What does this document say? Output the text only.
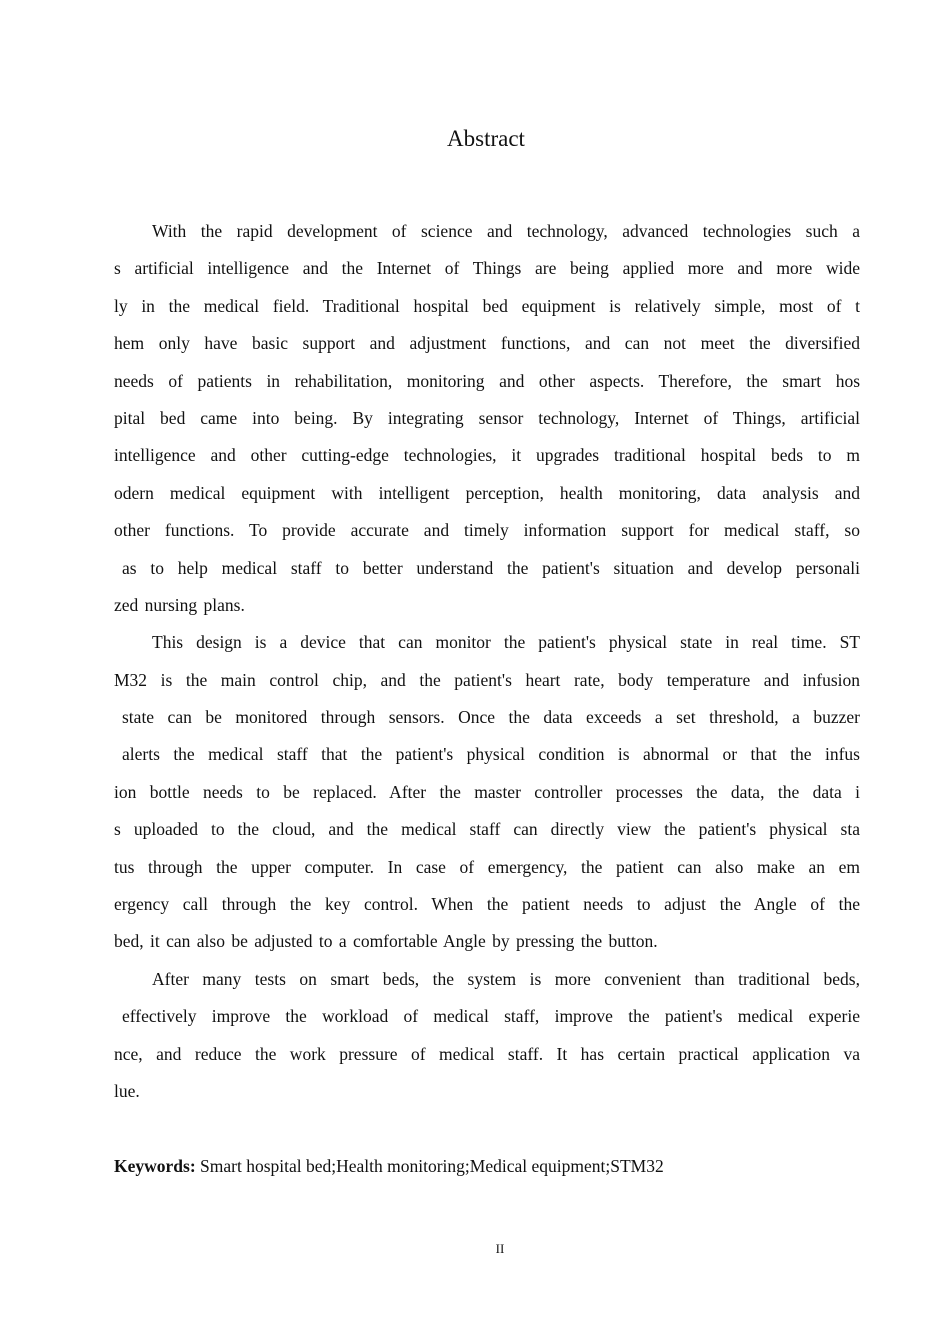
Abstract
With the rapid development of science and technology, advanced technologies such a
s artificial intelligence and the Internet of Things are being applied more and more wide
ly in the medical field. Traditional hospital bed equipment is relatively simple, most of t
hem only have basic support and adjustment functions, and can not meet the diversified
needs of patients in rehabilitation, monitoring and other aspects. Therefore, the smart hos
pital bed came into being. By integrating sensor technology, Internet of Things, artificial
intelligence and other cutting-edge technologies, it upgrades traditional hospital beds to m
odern medical equipment with intelligent perception, health monitoring, data analysis and
other functions. To provide accurate and timely information support for medical staff, so
as to help medical staff to better understand the patient's situation and develop personali
zed nursing plans.
This design is a device that can monitor the patient's physical state in real time. ST
M32 is the main control chip, and the patient's heart rate, body temperature and infusion
state can be monitored through sensors. Once the data exceeds a set threshold, a buzzer
alerts the medical staff that the patient's physical condition is abnormal or that the infus
ion bottle needs to be replaced. After the master controller processes the data, the data i
s uploaded to the cloud, and the medical staff can directly view the patient's physical sta
tus through the upper computer. In case of emergency, the patient can also make an em
ergency call through the key control. When the patient needs to adjust the Angle of the
bed, it can also be adjusted to a comfortable Angle by pressing the button.
After many tests on smart beds, the system is more convenient than traditional beds,
effectively improve the workload of medical staff, improve the patient's medical experie
nce, and reduce the work pressure of medical staff. It has certain practical application va
lue.
Keywords: Smart hospital bed;Health monitoring;Medical equipment;STM32
II
